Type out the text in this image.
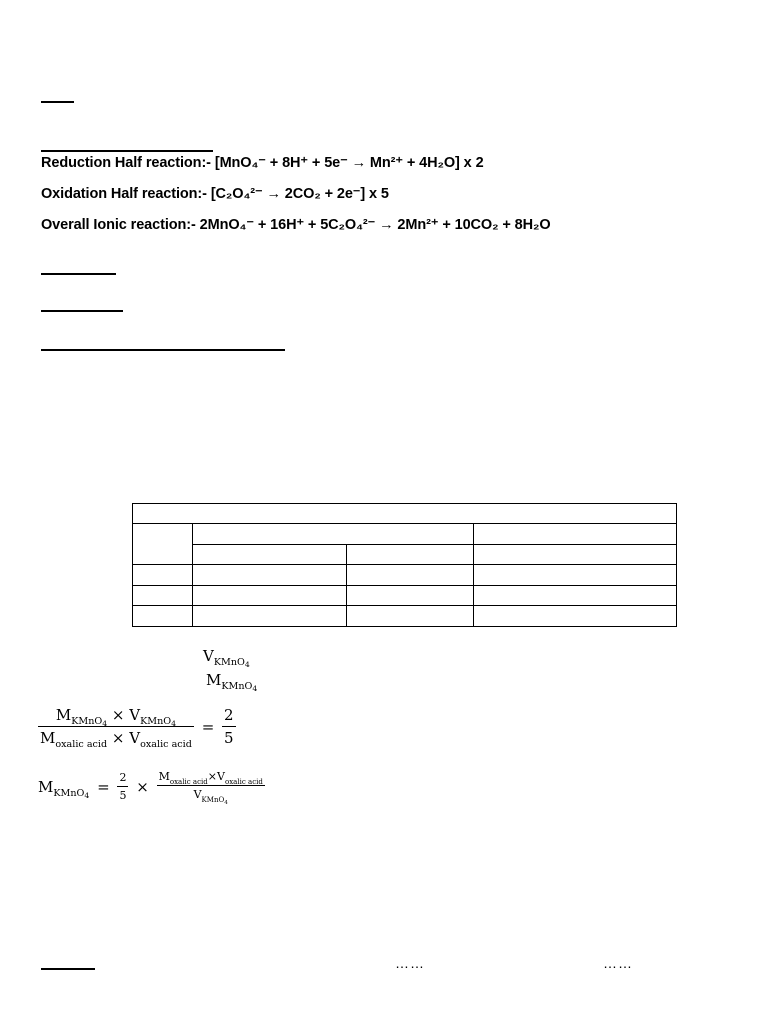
Reduction Half reaction:- [MnO₄⁻ + 8H⁺ + 5e⁻ → Mn²⁺ + 4H₂O] x 2
Oxidation Half reaction:- [C₂O₄²⁻ → 2CO₂ + 2e⁻] x 5
Overall Ionic reaction:- 2MnO₄⁻ + 16H⁺ + 5C₂O₄²⁻ → 2Mn²⁺ + 10CO₂ + 8H₂O

$V_{KMnO_4}$
$M_{KMnO_4}$
$\frac{M_{KMnO_4} \times V_{KMnO_4}}{M_{oxalic acid} \times V_{oxalic acid}} = \frac{2}{5}$
$M_{KMnO_4} = \frac{2}{5} \times \frac{M_{oxalic acid}\times V_{oxalic acid}}{V_{KMnO_4}}$
……	……
